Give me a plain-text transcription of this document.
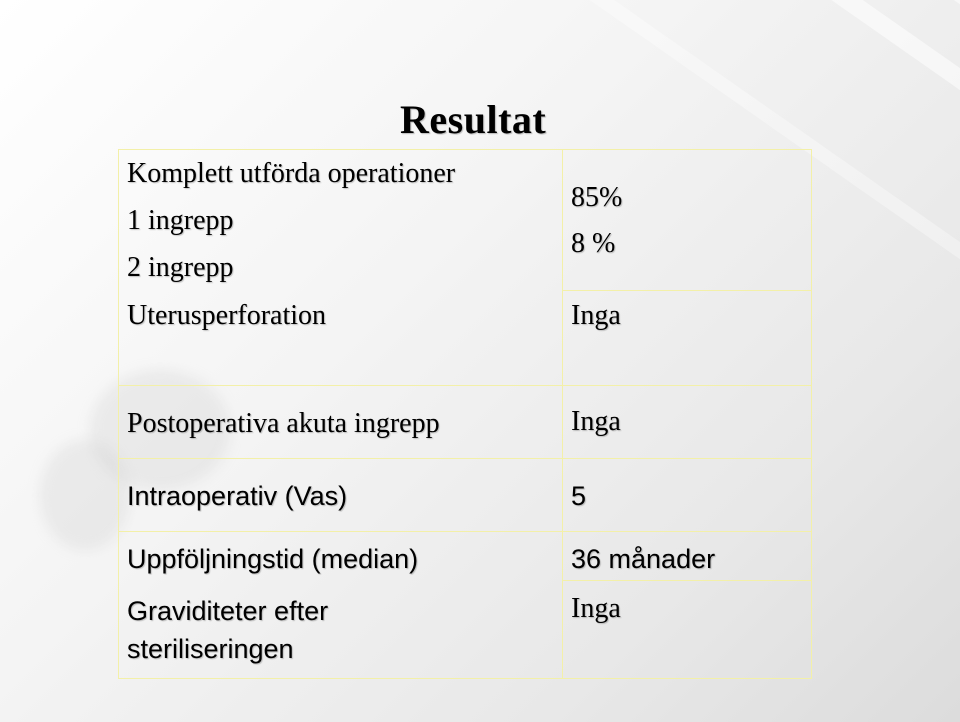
Resultat
Komplett utförda operationer
1 ingrepp
2 ingrepp
Uterusperforation
Postoperativa akuta ingrepp
Intraoperativ (Vas)
Uppföljningstid (median)
Graviditeter efter
steriliseringen
85%
8 %
Inga
Inga
5
36 månader
Inga
